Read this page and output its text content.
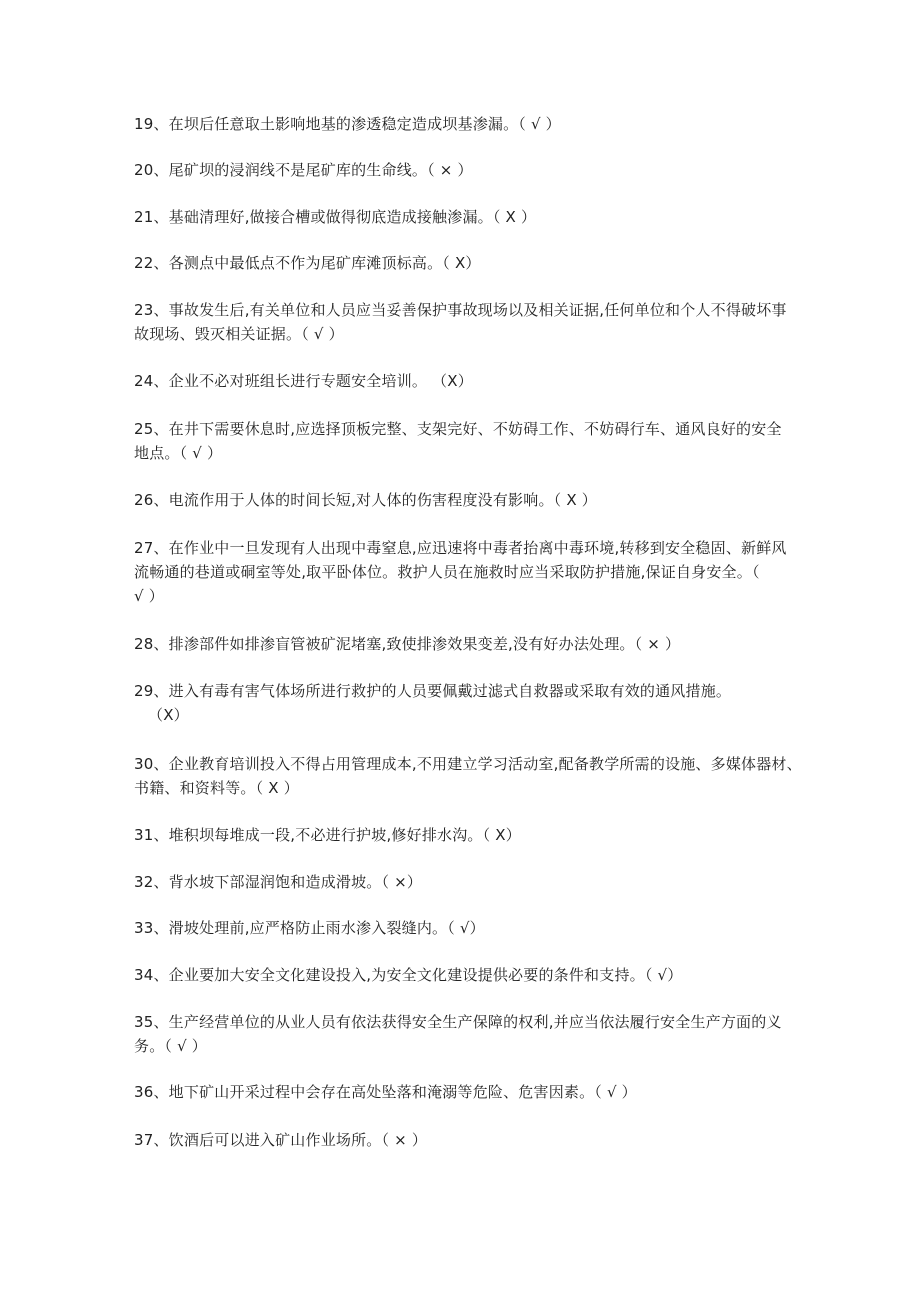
19、在坝后任意取土影响地基的渗透稳定造成坝基渗漏。（ √ ）
20、尾矿坝的浸润线不是尾矿库的生命线。（ × ）
21、基础清理好,做接合槽或做得彻底造成接触渗漏。（ X ）
22、各测点中最低点不作为尾矿库滩顶标高。（ X）
23、事故发生后,有关单位和人员应当妥善保护事故现场以及相关证据,任何单位和个人不得破坏事
故现场、毁灭相关证据。（ √ ）
24、企业不必对班组长进行专题安全培训。 （X）
25、在井下需要休息时,应选择顶板完整、支架完好、不妨碍工作、不妨碍行车、通风良好的安全
地点。（ √ ）
26、电流作用于人体的时间长短,对人体的伤害程度没有影响。（ X ）
27、在作业中一旦发现有人出现中毒窒息,应迅速将中毒者抬离中毒环境,转移到安全稳固、新鲜风
流畅通的巷道或硐室等处,取平卧体位。救护人员在施救时应当采取防护措施,保证自身安全。（
√ ）
28、排渗部件如排渗盲管被矿泥堵塞,致使排渗效果变差,没有好办法处理。（ × ）
29、进入有毒有害气体场所进行救护的人员要佩戴过滤式自救器或采取有效的通风措施。
（X）
30、企业教育培训投入不得占用管理成本,不用建立学习活动室,配备教学所需的设施、多媒体器材、
书籍、和资料等。（ X ）
31、堆积坝每堆成一段,不必进行护坡,修好排水沟。（ X）
32、背水坡下部湿润饱和造成滑坡。（ ×）
33、滑坡处理前,应严格防止雨水渗入裂缝内。（ √）
34、企业要加大安全文化建设投入,为安全文化建设提供必要的条件和支持。（ √）
35、生产经营单位的从业人员有依法获得安全生产保障的权利,并应当依法履行安全生产方面的义
务。（ √ ）
36、地下矿山开采过程中会存在高处坠落和淹溺等危险、危害因素。（ √ ）
37、饮酒后可以进入矿山作业场所。（ × ）
